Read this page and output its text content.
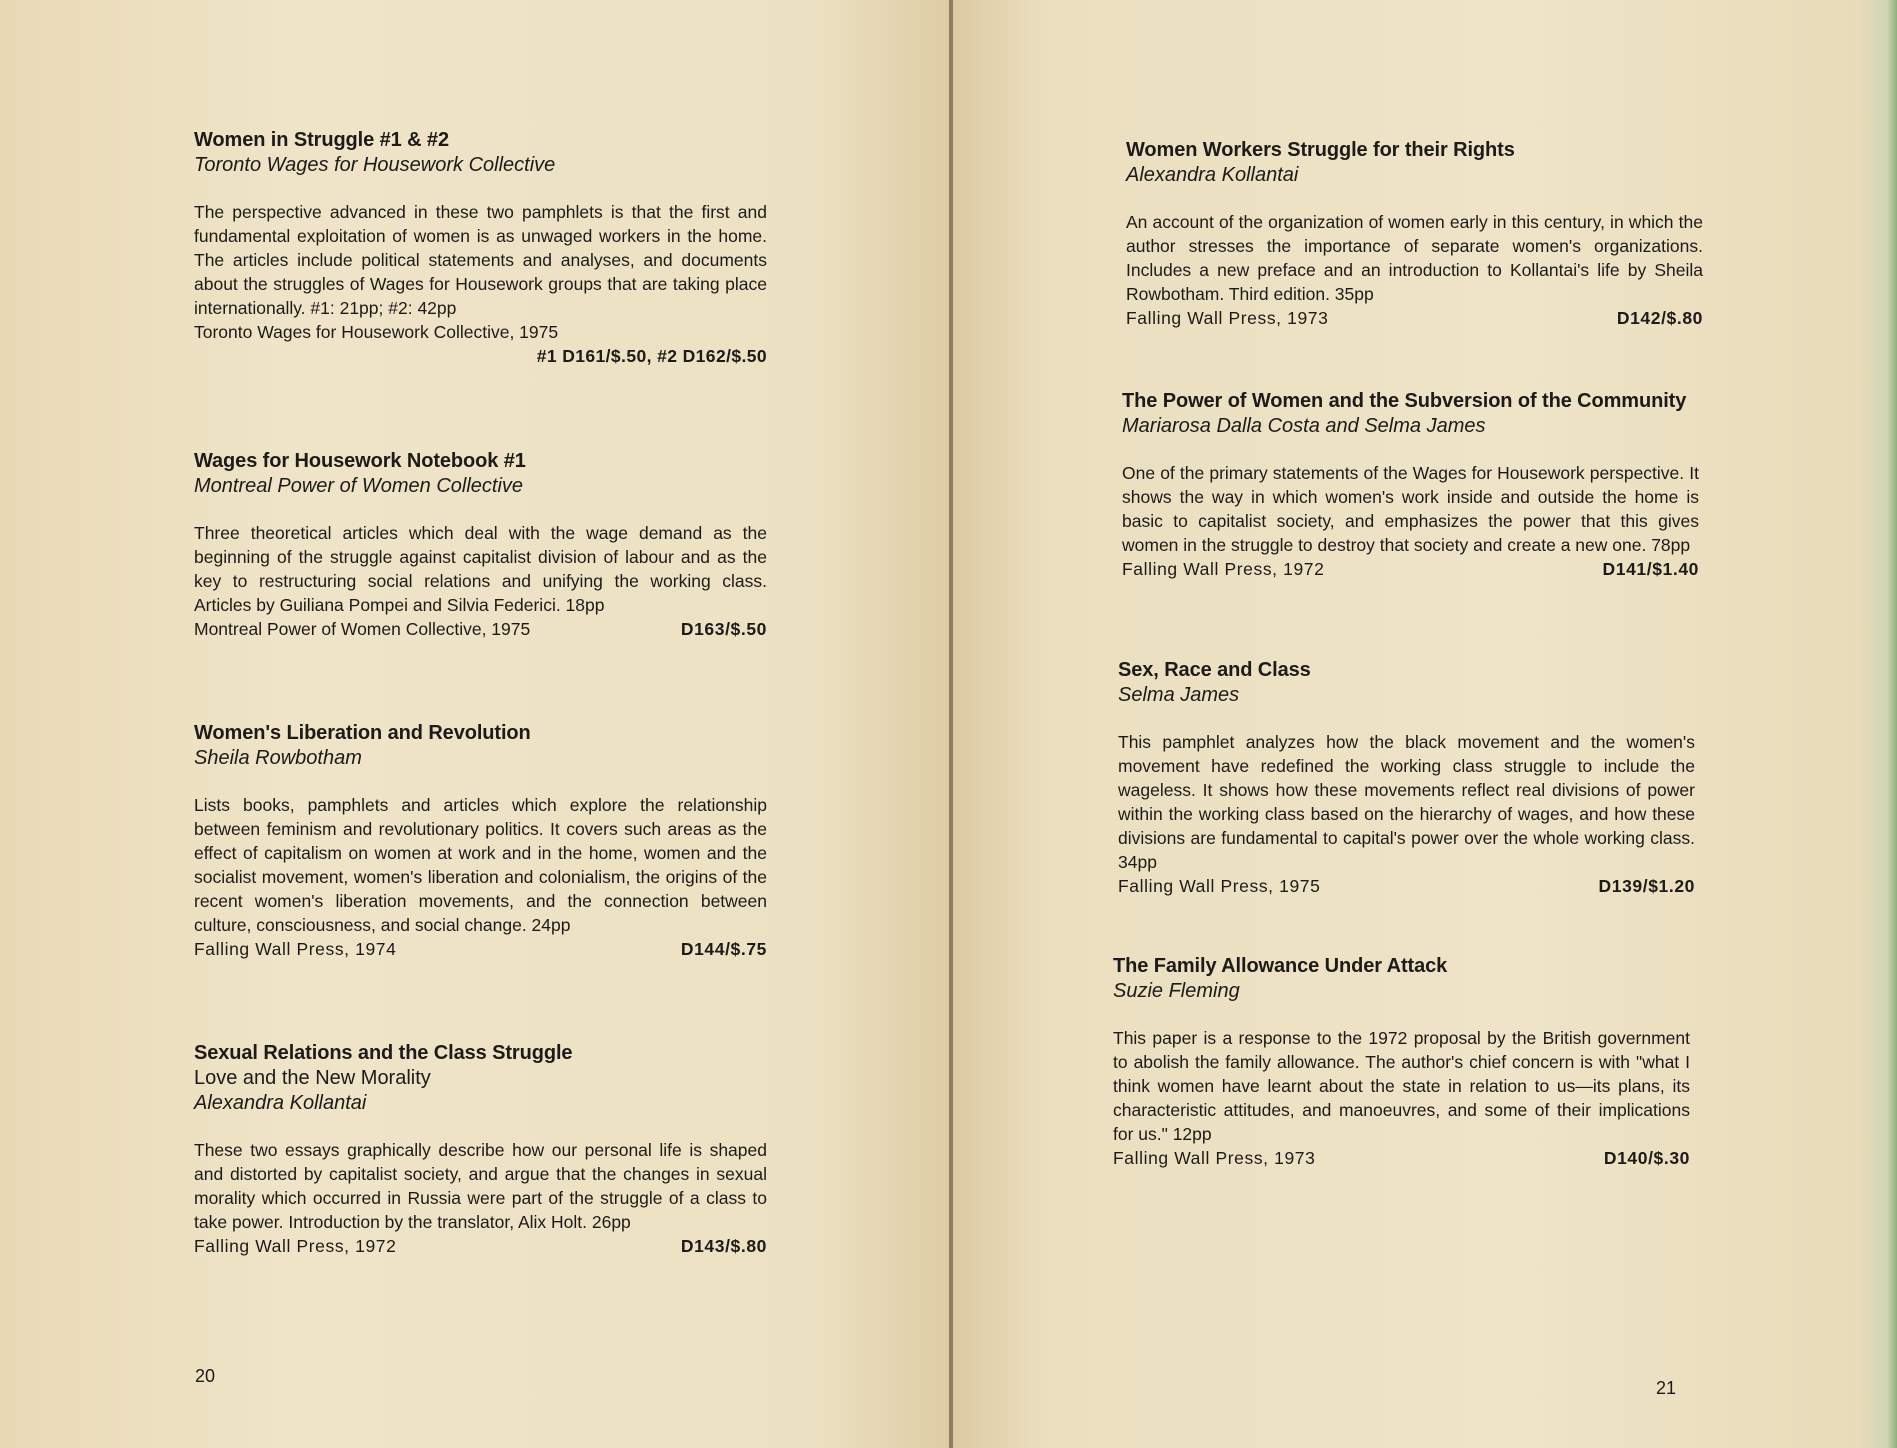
Women in Struggle #1 & #2
Toronto Wages for Housework Collective
The perspective advanced in these two pamphlets is that the first and fundamental exploitation of women is as unwaged workers in the home. The articles include political statements and analyses, and documents about the struggles of Wages for Housework groups that are taking place internationally. #1: 21pp; #2: 42pp
Toronto Wages for Housework Collective, 1975
#1 D161/$.50, #2 D162/$.50
Wages for Housework Notebook #1
Montreal Power of Women Collective
Three theoretical articles which deal with the wage demand as the beginning of the struggle against capitalist division of labour and as the key to restructuring social relations and unifying the working class. Articles by Guiliana Pompei and Silvia Federici. 18pp
Montreal Power of Women Collective, 1975	D163/$.50
Women's Liberation and Revolution
Sheila Rowbotham
Lists books, pamphlets and articles which explore the relationship between feminism and revolutionary politics. It covers such areas as the effect of capitalism on women at work and in the home, women and the socialist movement, women's liberation and colonialism, the origins of the recent women's liberation movements, and the connection between culture, consciousness, and social change. 24pp
Falling Wall Press, 1974	D144/$.75
Sexual Relations and the Class Struggle
Love and the New Morality
Alexandra Kollantai
These two essays graphically describe how our personal life is shaped and distorted by capitalist society, and argue that the changes in sexual morality which occurred in Russia were part of the struggle of a class to take power. Introduction by the translator, Alix Holt. 26pp
Falling Wall Press, 1972	D143/$.80
20
Women Workers Struggle for their Rights
Alexandra Kollantai
An account of the organization of women early in this century, in which the author stresses the importance of separate women's organizations. Includes a new preface and an introduction to Kollantai's life by Sheila Rowbotham. Third edition. 35pp
Falling Wall Press, 1973	D142/$.80
The Power of Women and the Subversion of the Community
Mariarosa Dalla Costa and Selma James
One of the primary statements of the Wages for Housework perspective. It shows the way in which women's work inside and outside the home is basic to capitalist society, and emphasizes the power that this gives women in the struggle to destroy that society and create a new one. 78pp
Falling Wall Press, 1972	D141/$1.40
Sex, Race and Class
Selma James
This pamphlet analyzes how the black movement and the women's movement have redefined the working class struggle to include the wageless. It shows how these movements reflect real divisions of power within the working class based on the hierarchy of wages, and how these divisions are fundamental to capital's power over the whole working class. 34pp
Falling Wall Press, 1975	D139/$1.20
The Family Allowance Under Attack
Suzie Fleming
This paper is a response to the 1972 proposal by the British government to abolish the family allowance. The author's chief concern is with "what I think women have learnt about the state in relation to us—its plans, its characteristic attitudes, and manoeuvres, and some of their implications for us." 12pp
Falling Wall Press, 1973	D140/$.30
21
